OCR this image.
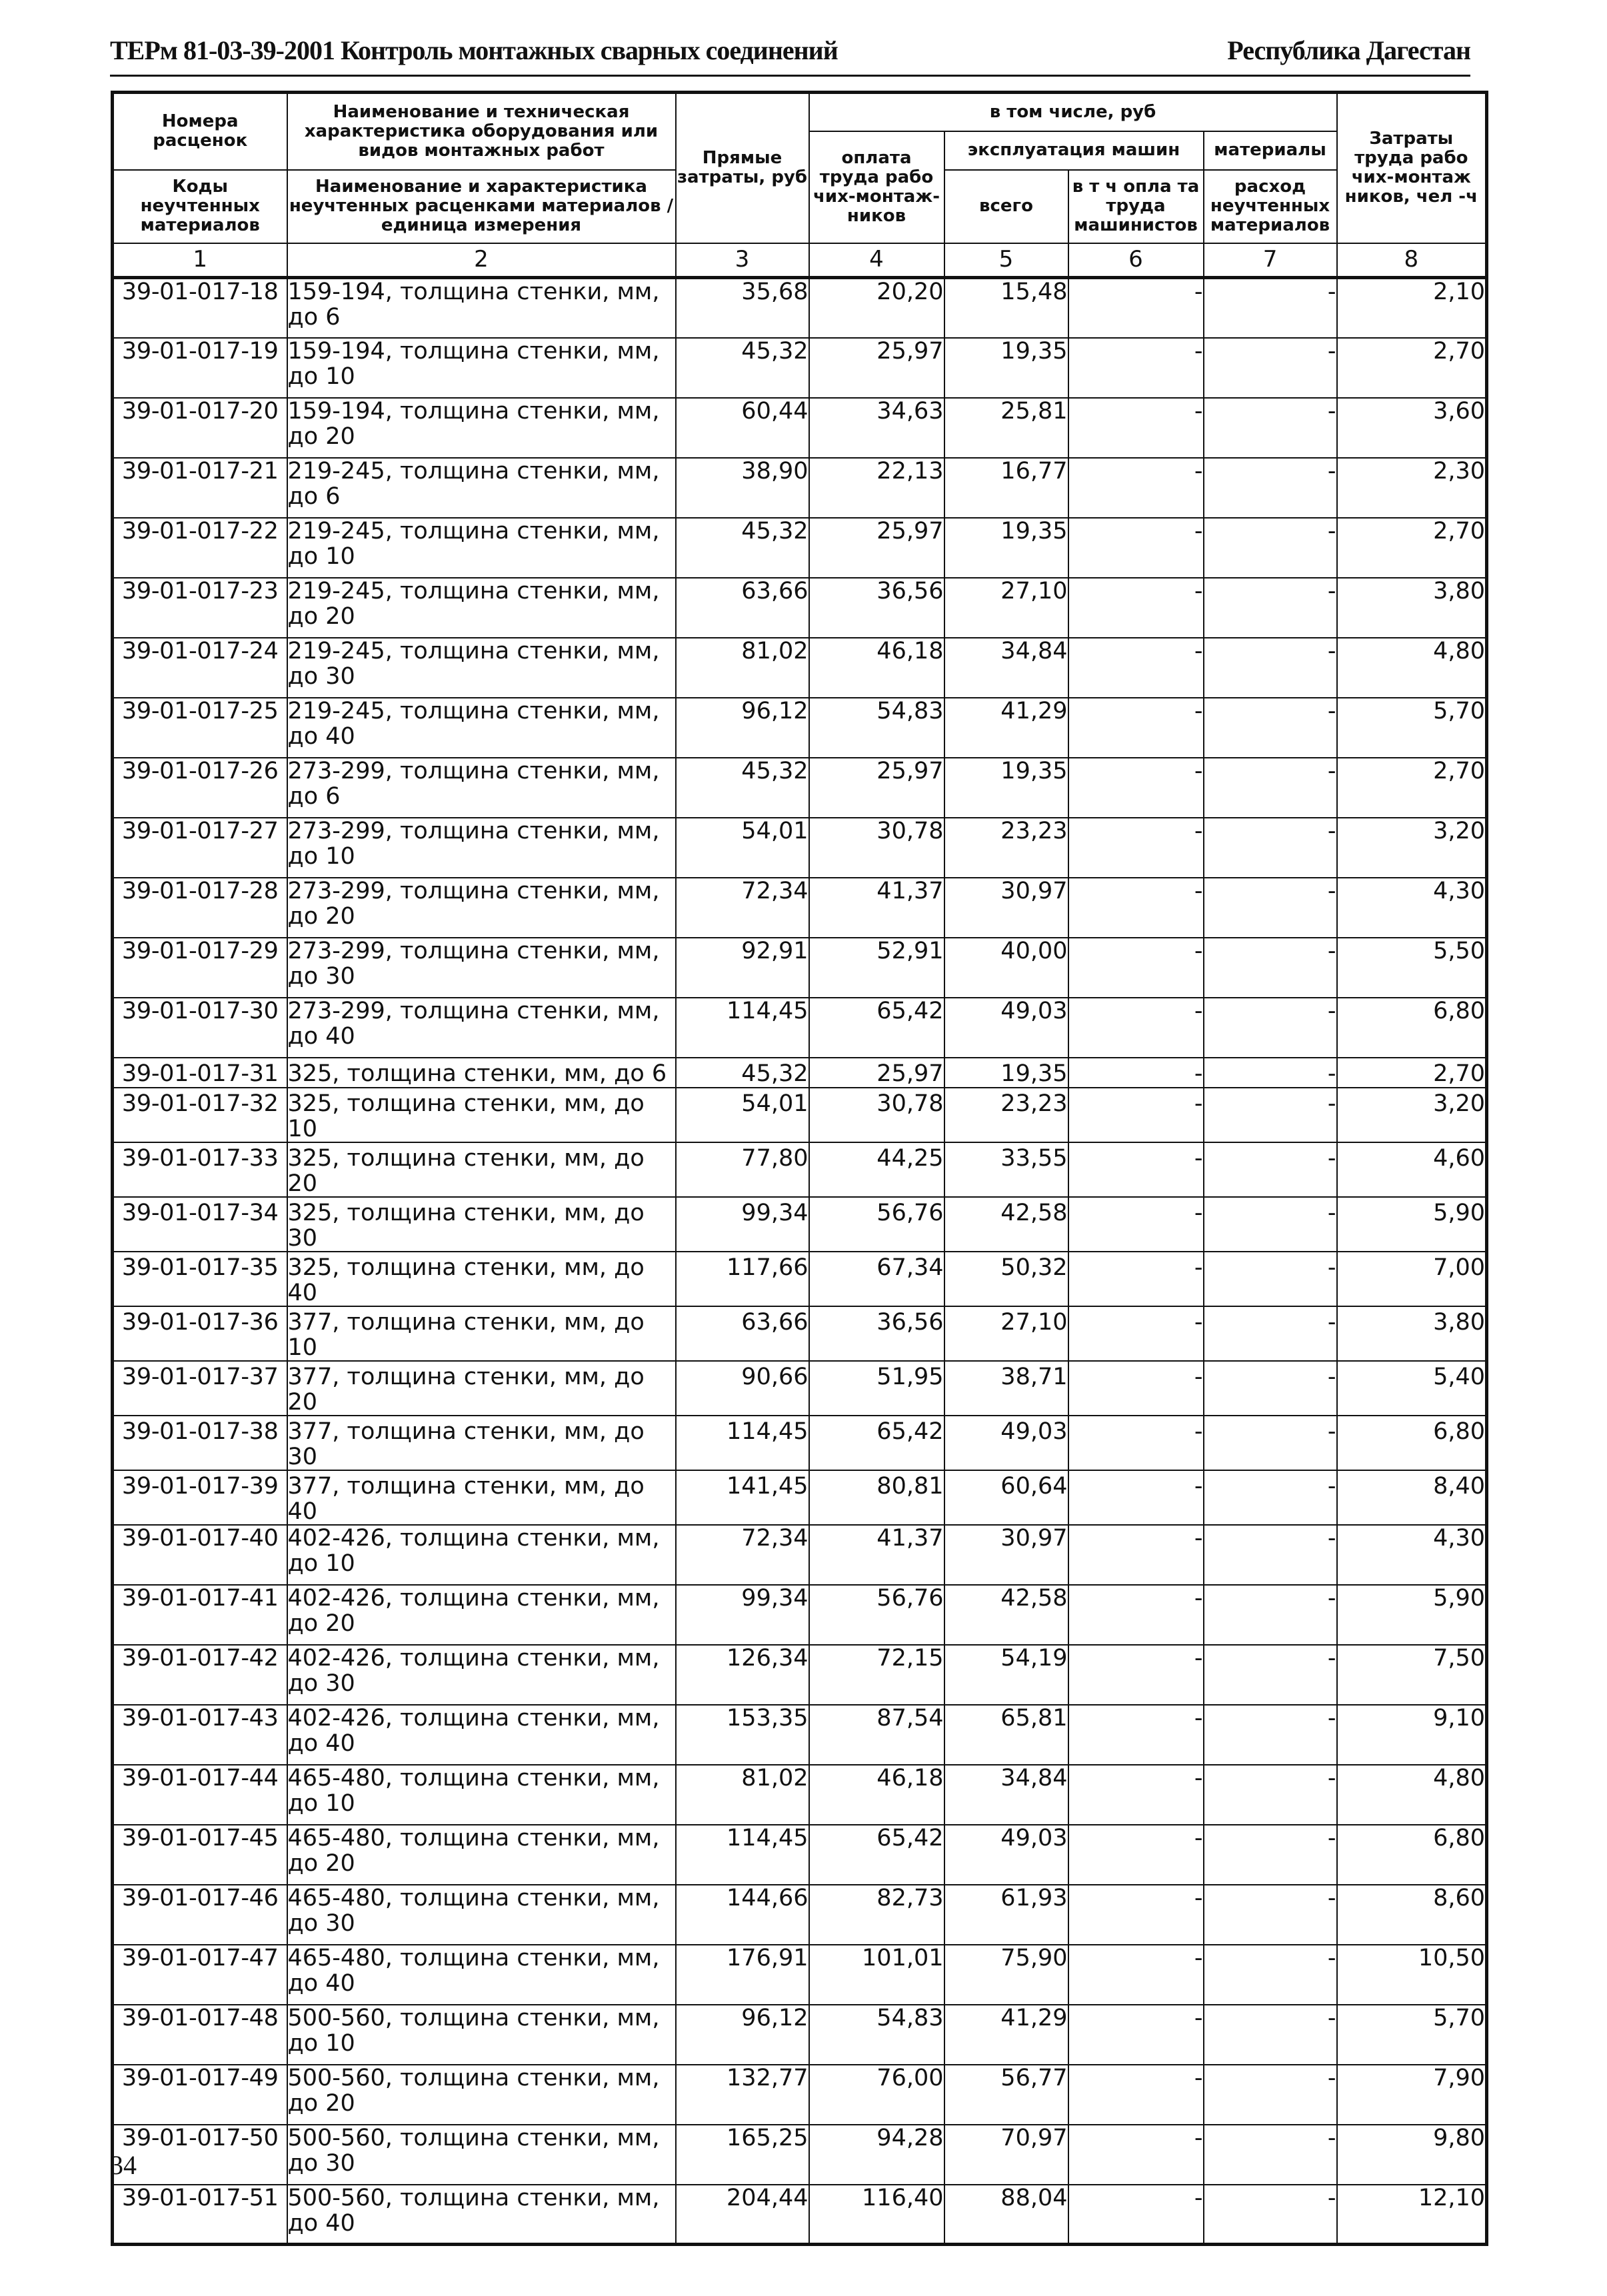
ТЕРм 81-03-39-2001 Контроль монтажных сварных соединений	Республика Дагестан
Номера расценок	Наименование и техническая характеристика оборудования или видов монтажных работ	Прямые затраты, руб	в том числе, руб				Затраты труда рабо чих-монтаж ников, чел -ч
			оплата труда рабо чих-монтаж-ников	эксплуатация машин		материалы	
Коды неучтенных материалов	Наименование и характеристика неучтенных расценками материалов / единица измерения			всего	в т ч опла та труда машинистов	расход неучтенных материалов	
1	2	3	4	5	6	7	8
39-01-017-18	159-194, толщина стенки, мм, до 6	35,68	20,20	15,48	-	-	2,10
39-01-017-19	159-194, толщина стенки, мм, до 10	45,32	25,97	19,35	-	-	2,70
39-01-017-20	159-194, толщина стенки, мм, до 20	60,44	34,63	25,81	-	-	3,60
39-01-017-21	219-245, толщина стенки, мм, до 6	38,90	22,13	16,77	-	-	2,30
39-01-017-22	219-245, толщина стенки, мм, до 10	45,32	25,97	19,35	-	-	2,70
39-01-017-23	219-245, толщина стенки, мм, до 20	63,66	36,56	27,10	-	-	3,80
39-01-017-24	219-245, толщина стенки, мм, до 30	81,02	46,18	34,84	-	-	4,80
39-01-017-25	219-245, толщина стенки, мм, до 40	96,12	54,83	41,29	-	-	5,70
39-01-017-26	273-299, толщина стенки, мм, до 6	45,32	25,97	19,35	-	-	2,70
39-01-017-27	273-299, толщина стенки, мм, до 10	54,01	30,78	23,23	-	-	3,20
39-01-017-28	273-299, толщина стенки, мм, до 20	72,34	41,37	30,97	-	-	4,30
39-01-017-29	273-299, толщина стенки, мм, до 30	92,91	52,91	40,00	-	-	5,50
39-01-017-30	273-299, толщина стенки, мм, до 40	114,45	65,42	49,03	-	-	6,80
39-01-017-31	325, толщина стенки, мм, до 6	45,32	25,97	19,35	-	-	2,70
39-01-017-32	325, толщина стенки, мм, до 10	54,01	30,78	23,23	-	-	3,20
39-01-017-33	325, толщина стенки, мм, до 20	77,80	44,25	33,55	-	-	4,60
39-01-017-34	325, толщина стенки, мм, до 30	99,34	56,76	42,58	-	-	5,90
39-01-017-35	325, толщина стенки, мм, до 40	117,66	67,34	50,32	-	-	7,00
39-01-017-36	377, толщина стенки, мм, до 10	63,66	36,56	27,10	-	-	3,80
39-01-017-37	377, толщина стенки, мм, до 20	90,66	51,95	38,71	-	-	5,40
39-01-017-38	377, толщина стенки, мм, до 30	114,45	65,42	49,03	-	-	6,80
39-01-017-39	377, толщина стенки, мм, до 40	141,45	80,81	60,64	-	-	8,40
39-01-017-40	402-426, толщина стенки, мм, до 10	72,34	41,37	30,97	-	-	4,30
39-01-017-41	402-426, толщина стенки, мм, до 20	99,34	56,76	42,58	-	-	5,90
39-01-017-42	402-426, толщина стенки, мм, до 30	126,34	72,15	54,19	-	-	7,50
39-01-017-43	402-426, толщина стенки, мм, до 40	153,35	87,54	65,81	-	-	9,10
39-01-017-44	465-480, толщина стенки, мм, до 10	81,02	46,18	34,84	-	-	4,80
39-01-017-45	465-480, толщина стенки, мм, до 20	114,45	65,42	49,03	-	-	6,80
39-01-017-46	465-480, толщина стенки, мм, до 30	144,66	82,73	61,93	-	-	8,60
39-01-017-47	465-480, толщина стенки, мм, до 40	176,91	101,01	75,90	-	-	10,50
39-01-017-48	500-560, толщина стенки, мм, до 10	96,12	54,83	41,29	-	-	5,70
39-01-017-49	500-560, толщина стенки, мм, до 20	132,77	76,00	56,77	-	-	7,90
39-01-017-50	500-560, толщина стенки, мм, до 30	165,25	94,28	70,97	-	-	9,80
39-01-017-51	500-560, толщина стенки, мм, до 40	204,44	116,40	88,04	-	-	12,10
34
